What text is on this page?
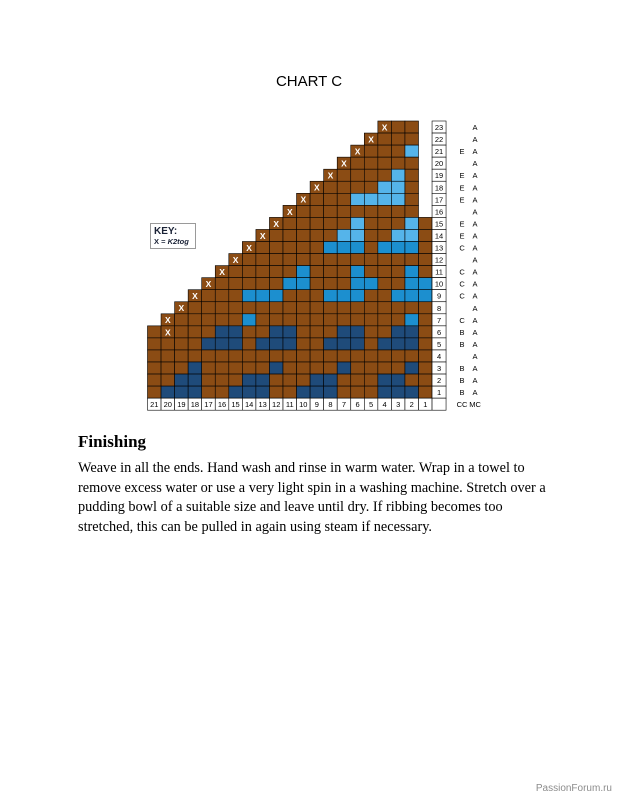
CHART C
X	23	A
X	22	A
X	21 E A
X	20	A
X	19 E A
X	18 E A
X	17 E A
X	16	A
X	15 E A
X	14 E A
X	13 C A
X	12	A
X	11 C A
X	10 C A
X	9 C A
X	8	A
X	7 C A
X	6 B A
5 B A
4	A
3 B A
2 B A
1 B A
21 20 19 18 17 16 15 14 13 12 11 10 9 8 7 6 5 4 3 2 1	CC MC
KEY:
X = K2tog
Finishing

Weave in all the ends. Hand wash and rinse in warm water. Wrap in a towel to remove excess water or use a very light spin in a washing machine. Stretch over a pudding bowl of a suitable size and leave until dry. If ribbing becomes too stretched, this can be pulled in again using steam if necessary.

PassionForum.ru
